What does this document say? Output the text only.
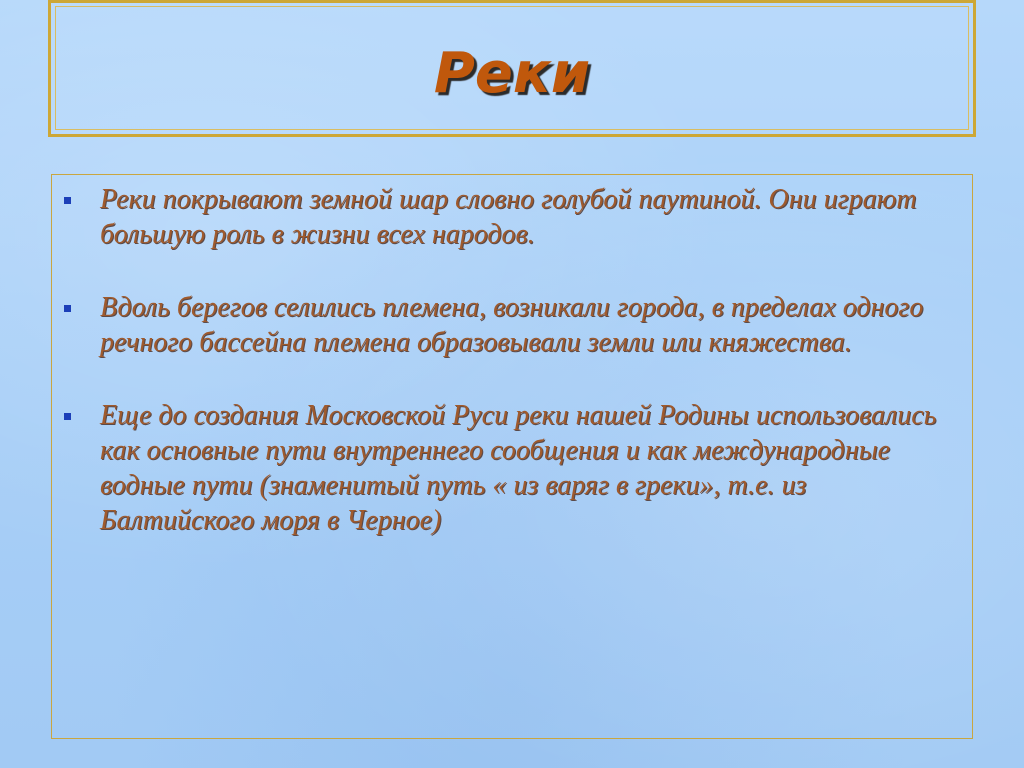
Реки
Реки покрывают земной шар словно голубой паутиной. Они играют большую роль в жизни всех народов.
Вдоль берегов селились племена, возникали города, в пределах одного речного бассейна племена образовывали земли или княжества.
Еще до создания Московской Руси реки нашей Родины использовались как основные пути внутреннего сообщения и как международные водные пути (знаменитый путь « из варяг в греки», т.е. из Балтийского моря в Черное)
